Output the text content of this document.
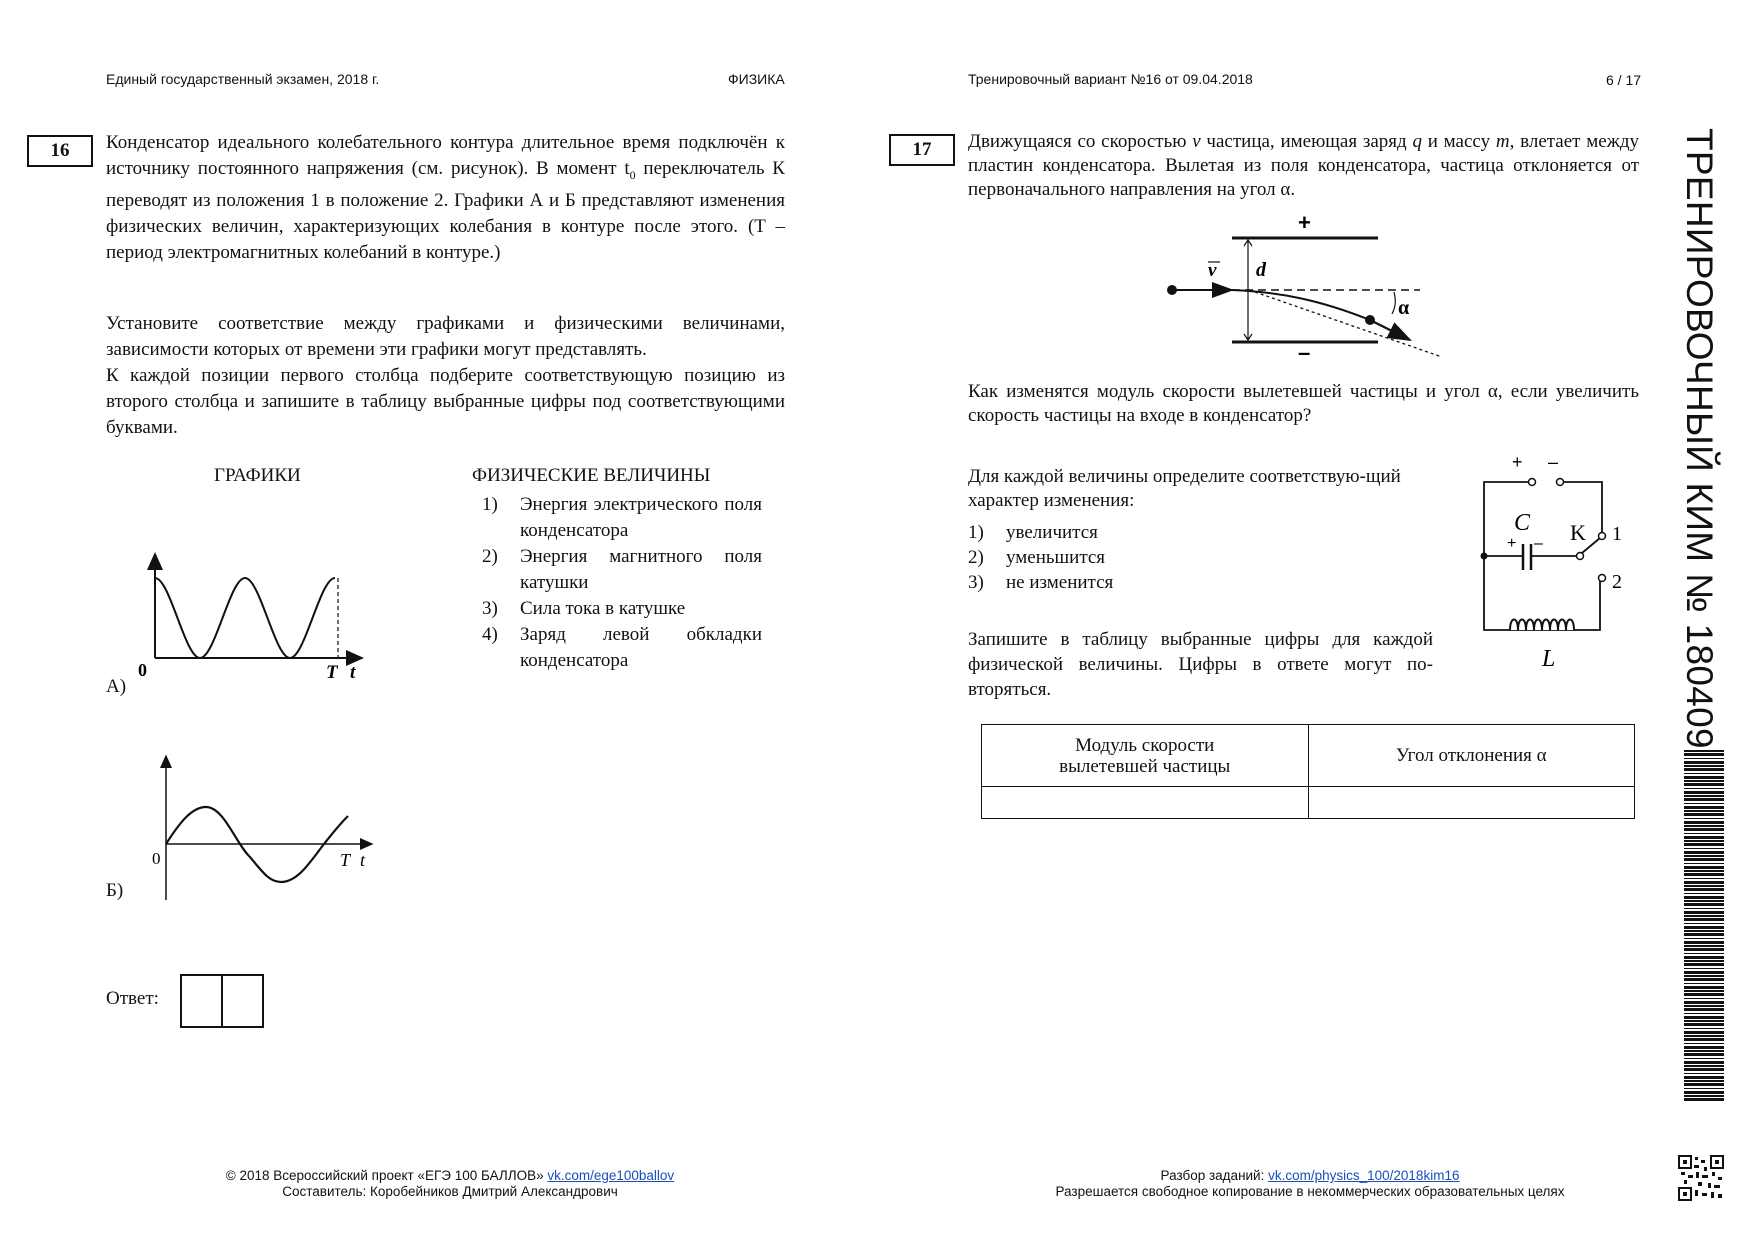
Единый государственный экзамен, 2018 г.	ФИЗИКА	Тренировочный вариант №16 от 09.04.2018	6 / 17
16	Конденсатор идеального колебательного контура длительное время подключён к источнику постоянного напряжения (см. рисунок). В момент $t_0$ переключатель К переводят из положения 1 в положение 2. Графики А и Б представляют изменения физических величин, характеризующих колебания в контуре после этого. (T – период электромагнитных колебаний в контуре.)
Установите соответствие между графиками и физическими величинами, зависимости которых от времени эти графики могут представлять.
К каждой позиции первого столбца подберите соответствующую позицию из второго столбца и запишите в таблицу выбранные цифры под соответствующими буквами.
ГРАФИКИ	ФИЗИЧЕСКИЕ ВЕЛИЧИНЫ
1)	Энергия электрического поля конденсатора
2)	Энергия магнитного поля катушки
3)	Сила тока в катушке
4)	Заряд левой обкладки конденсатора
0	T t
А)
0	T t
Б)
Ответ:
17	Движущаяся со скоростью v частица, имеющая заряд q и массу m, влетает между пластин конденсатора. Вылетая из поля конденсатора, частица отклоняется от первоначального направления на угол α.
+
–
d
v
α
Как изменятся модуль скорости вылетевшей частицы и угол α, если увеличить скорость частицы на входе в конденсатор?
Для каждой величины определите соответствую-щий характер изменения:
1)	увеличится
2)	уменьшится
3)	не изменится
Запишите в таблицу выбранные цифры для каждой физической величины. Цифры в ответе могут по-вторяться.
+ –
+ –
C K 1
2
L
Модуль скорости
вылетевшей частицы	Угол отклонения α

ТРЕНИРОВОЧНЫЙ КИМ № 180409
© 2018 Всероссийский проект «ЕГЭ 100 БАЛЛОВ» vk.com/ege100ballov
Составитель: Коробейников Дмитрий Александрович
Разбор заданий: vk.com/physics_100/2018kim16
Разрешается свободное копирование в некоммерческих образовательных целях
